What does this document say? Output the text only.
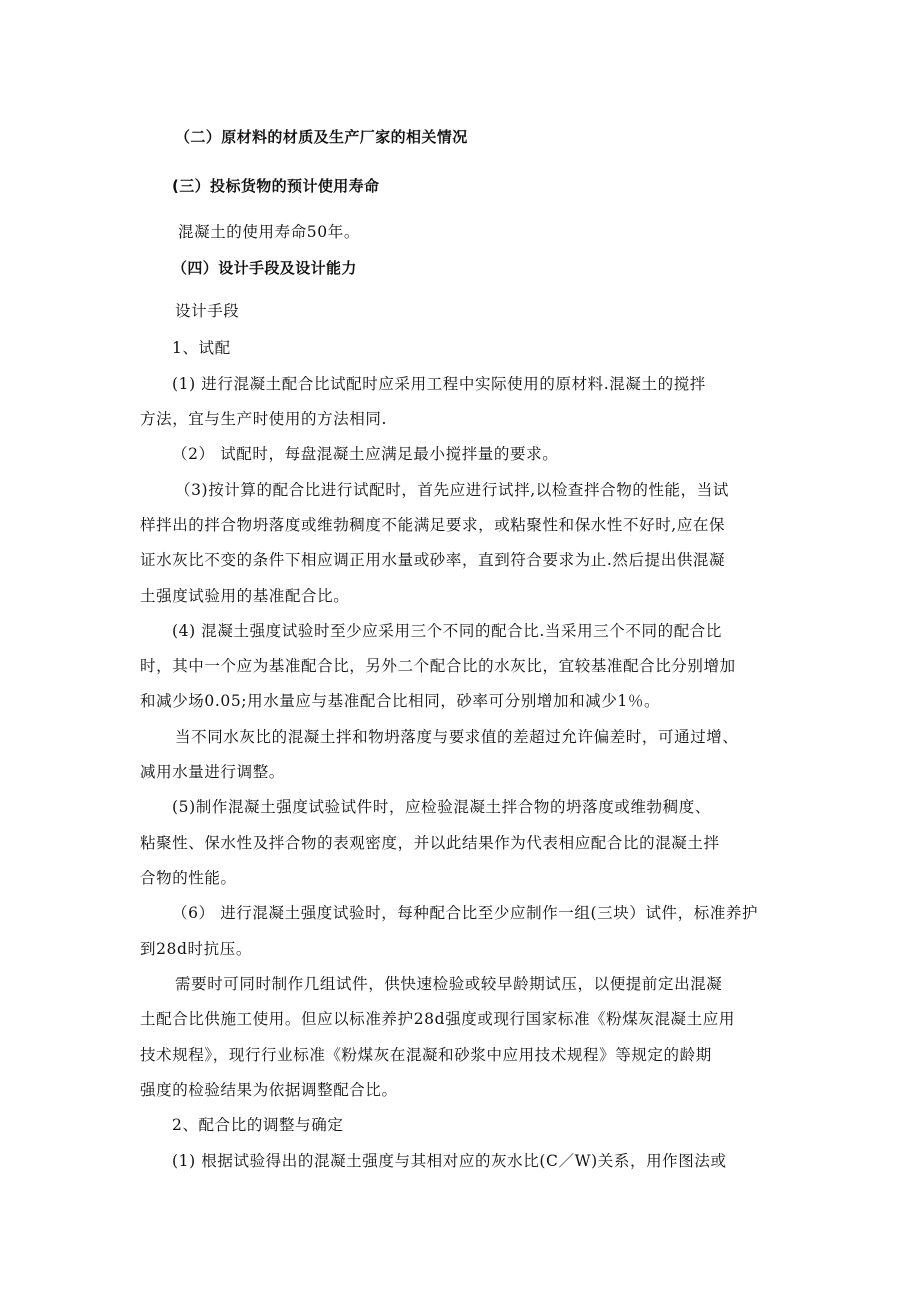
（二）原材料的材质及生产厂家的相关情况
(三）投标货物的预计使用寿命
混凝土的使用寿命50年。
（四）设计手段及设计能力
设计手段
1、试配
(1) 进行混凝土配合比试配时应采用工程中实际使用的原材料.混凝土的搅拌
方法，宜与生产时使用的方法相同.
（2） 试配时，每盘混凝土应满足最小搅拌量的要求。
（3)按计算的配合比进行试配时，首先应进行试拌,以检查拌合物的性能，当试
样拌出的拌合物坍落度或维勃稠度不能满足要求，或粘聚性和保水性不好时,应在保
证水灰比不变的条件下相应调正用水量或砂率，直到符合要求为止.然后提出供混凝
土强度试验用的基准配合比。
(4) 混凝土强度试验时至少应采用三个不同的配合比.当采用三个不同的配合比
时，其中一个应为基准配合比，另外二个配合比的水灰比，宜较基准配合比分别增加
和减少场0.05;用水量应与基准配合比相同，砂率可分别增加和减少1％。
当不同水灰比的混凝土拌和物坍落度与要求值的差超过允许偏差时，可通过增、
减用水量进行调整。
(5)制作混凝土强度试验试件时，应检验混凝土拌合物的坍落度或维勃稠度、
粘聚性、保水性及拌合物的表观密度，并以此结果作为代表相应配合比的混凝土拌
合物的性能。
（6） 进行混凝土强度试验时，每种配合比至少应制作一组(三块）试件，标准养护
到28d时抗压。
需要时可同时制作几组试件，供快速检验或较早龄期试压，以便提前定出混凝
土配合比供施工使用。但应以标准养护28d强度或现行国家标准《粉煤灰混凝土应用
技术规程》，现行行业标准《粉煤灰在混凝和砂浆中应用技术规程》等规定的龄期
强度的检验结果为依据调整配合比。
2、配合比的调整与确定
(1) 根据试验得出的混凝土强度与其相对应的灰水比(C／W)关系，用作图法或
